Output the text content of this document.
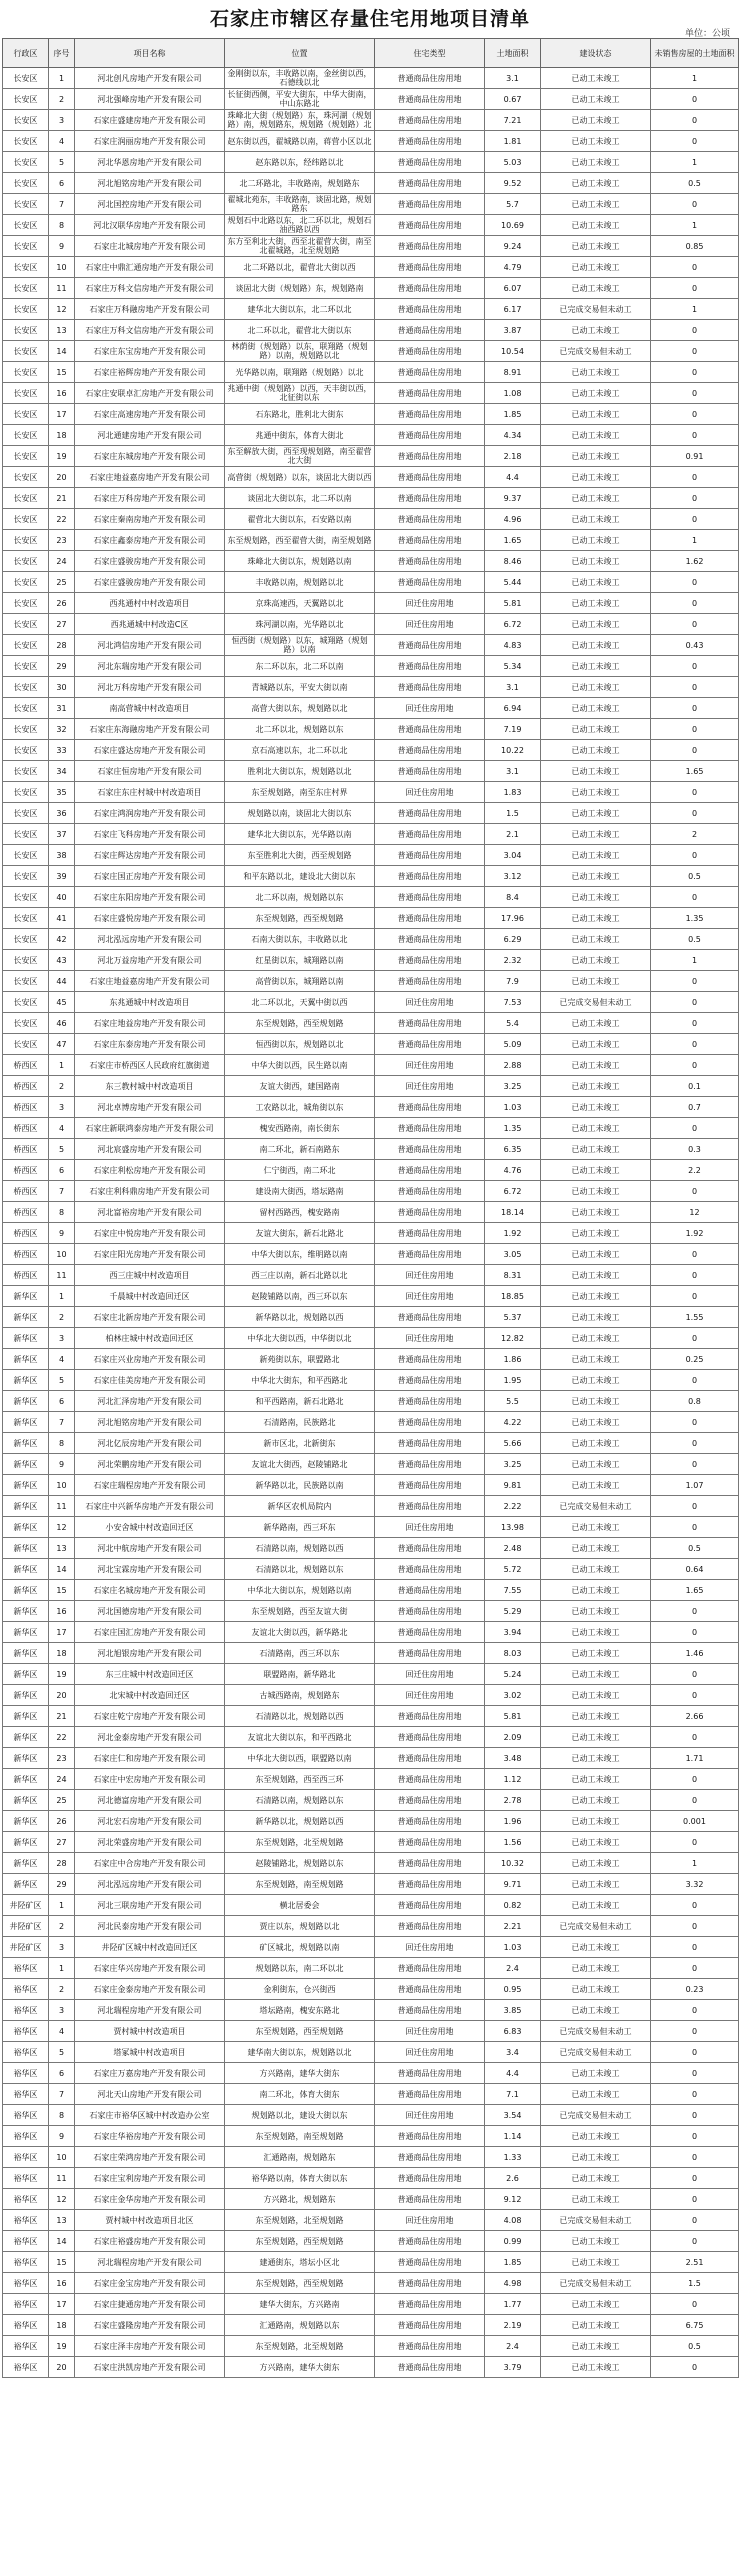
石家庄市辖区存量住宅用地项目清单
单位：公顷
行政区	序号	项目名称	位置	住宅类型	土地面积	建设状态	未销售房屋的土地面积
长安区	1	河北创凡房地产开发有限公司	金刚街以东，丰收路以南，金丝街以西，石德线以北	普通商品住房用地	3.1	已动工未竣工	1
长安区	2	河北强峰房地产开发有限公司	长征街西侧，平安大街东，中华大街南，中山东路北	普通商品住房用地	0.67	已动工未竣工	0
长安区	3	石家庄盛建房地产开发有限公司	珠峰北大街（规划路）东，珠河湖（规划路）南，规划路东，规划路（规划路）北	普通商品住房用地	7.21	已动工未竣工	0
长安区	4	石家庄润丽房地产开发有限公司	赵东街以西，翟城路以南，蒋营小区以北	普通商品住房用地	1.81	已动工未竣工	0
长安区	5	河北华恩房地产开发有限公司	赵东路以东，经纬路以北	普通商品住房用地	5.03	已动工未竣工	1
长安区	6	河北旭铭房地产开发有限公司	北二环路北，丰收路南，规划路东	普通商品住房用地	9.52	已动工未竣工	0.5
长安区	7	河北国控房地产开发有限公司	翟城北苑东，丰收路南，谈固北路，规划路东	普通商品住房用地	5.7	已动工未竣工	0
长安区	8	河北汉联华房地产开发有限公司	规划石中北路以东，北二环以北，规划石油西路以西	普通商品住房用地	10.69	已动工未竣工	1
长安区	9	石家庄北城房地产开发有限公司	东方至利北大街，西至北翟营大街，南至北翟城路，北至规划路	普通商品住房用地	9.24	已动工未竣工	0.85
长安区	10	石家庄中鼎汇通房地产开发有限公司	北二环路以北，翟营北大街以西	普通商品住房用地	4.79	已动工未竣工	0
长安区	11	石家庄万科文信房地产开发有限公司	谈固北大街（规划路）东，规划路南	普通商品住房用地	6.07	已动工未竣工	0
长安区	12	石家庄万科融房地产开发有限公司	建华北大街以东，北二环以北	普通商品住房用地	6.17	已完成交易但未动工	1
长安区	13	石家庄万科文信房地产开发有限公司	北二环以北，翟营北大街以东	普通商品住房用地	3.87	已动工未竣工	0
长安区	14	石家庄东宝房地产开发有限公司	林荫街（规划路）以东，联翔路（规划路）以南，规划路以北	普通商品住房用地	10.54	已完成交易但未动工	0
长安区	15	石家庄裕辉房地产开发有限公司	光华路以南，联翔路（规划路）以北	普通商品住房用地	8.91	已动工未竣工	0
长安区	16	石家庄安联卓汇房地产开发有限公司	兆通中街（规划路）以西，天丰街以西，北征街以东	普通商品住房用地	1.08	已动工未竣工	0
长安区	17	石家庄高速房地产开发有限公司	石东路北，胜利北大街东	普通商品住房用地	1.85	已动工未竣工	0
长安区	18	河北通建房地产开发有限公司	兆通中街东，体育大街北	普通商品住房用地	4.34	已动工未竣工	0
长安区	19	石家庄东城房地产开发有限公司	东至解放大街，西至现规划路，南至翟营北大街	普通商品住房用地	2.18	已动工未竣工	0.91
长安区	20	石家庄地益嘉房地产开发有限公司	高营街（规划路）以东，谈固北大街以西	普通商品住房用地	4.4	已动工未竣工	0
长安区	21	石家庄万科房地产开发有限公司	谈固北大街以东，北二环以南	普通商品住房用地	9.37	已动工未竣工	0
长安区	22	石家庄秦南房地产开发有限公司	翟营北大街以东，石安路以南	普通商品住房用地	4.96	已动工未竣工	0
长安区	23	石家庄鑫泰房地产开发有限公司	东至规划路，西至翟营大街，南至规划路	普通商品住房用地	1.65	已动工未竣工	1
长安区	24	石家庄盛骏房地产开发有限公司	珠峰北大街以东，规划路以南	普通商品住房用地	8.46	已动工未竣工	1.62
长安区	25	石家庄盛骏房地产开发有限公司	丰收路以南，规划路以北	普通商品住房用地	5.44	已动工未竣工	0
长安区	26	西兆通村中村改造项目	京珠高速西，天翼路以北	回迁住房用地	5.81	已动工未竣工	0
长安区	27	西兆通城中村改造C区	珠河湖以南，光华路以北	回迁住房用地	6.72	已动工未竣工	0
长安区	28	河北鸿信房地产开发有限公司	恒西街（规划路）以东，城翔路（规划路）以南	普通商品住房用地	4.83	已动工未竣工	0.43
长安区	29	河北东瑞房地产开发有限公司	东二环以东，北二环以南	普通商品住房用地	5.34	已动工未竣工	0
长安区	30	河北万科房地产开发有限公司	青城路以东，平安大街以南	普通商品住房用地	3.1	已动工未竣工	0
长安区	31	南高营城中村改造项目	高营大街以东，规划路以北	回迁住房用地	6.94	已动工未竣工	0
长安区	32	石家庄东海融房地产开发有限公司	北二环以北，规划路以东	普通商品住房用地	7.19	已动工未竣工	0
长安区	33	石家庄盛达房地产开发有限公司	京石高速以东，北二环以北	普通商品住房用地	10.22	已动工未竣工	0
长安区	34	石家庄恒房地产开发有限公司	胜利北大街以东，规划路以北	普通商品住房用地	3.1	已动工未竣工	1.65
长安区	35	石家庄东庄村城中村改造项目	东至规划路，南至东庄村界	回迁住房用地	1.83	已动工未竣工	0
长安区	36	石家庄鸿润房地产开发有限公司	规划路以南，谈固北大街以东	普通商品住房用地	1.5	已动工未竣工	0
长安区	37	石家庄飞科房地产开发有限公司	建华北大街以东，光华路以南	普通商品住房用地	2.1	已动工未竣工	2
长安区	38	石家庄辉达房地产开发有限公司	东至胜利北大街，西至规划路	普通商品住房用地	3.04	已动工未竣工	0
长安区	39	石家庄国正房地产开发有限公司	和平东路以北，建设北大街以东	普通商品住房用地	3.12	已动工未竣工	0.5
长安区	40	石家庄东阳房地产开发有限公司	北二环以南，规划路以东	普通商品住房用地	8.4	已动工未竣工	0
长安区	41	石家庄盛悦房地产开发有限公司	东至规划路，西至规划路	普通商品住房用地	17.96	已动工未竣工	1.35
长安区	42	河北泓远房地产开发有限公司	石南大街以东，丰收路以北	普通商品住房用地	6.29	已动工未竣工	0.5
长安区	43	河北万益房地产开发有限公司	红星街以东，城翔路以南	普通商品住房用地	2.32	已动工未竣工	1
长安区	44	石家庄地益嘉房地产开发有限公司	高营街以东，城翔路以南	普通商品住房用地	7.9	已动工未竣工	0
长安区	45	东兆通城中村改造项目	北二环以北，天翼中街以西	回迁住房用地	7.53	已完成交易但未动工	0
长安区	46	石家庄地益房地产开发有限公司	东至规划路，西至规划路	普通商品住房用地	5.4	已动工未竣工	0
长安区	47	石家庄东泰房地产开发有限公司	恒西街以东，规划路以北	普通商品住房用地	5.09	已动工未竣工	0
桥西区	1	石家庄市桥西区人民政府红旗街道	中华大街以西，民生路以南	回迁住房用地	2.88	已动工未竣工	0
桥西区	2	东三教村城中村改造项目	友谊大街西，建国路南	回迁住房用地	3.25	已动工未竣工	0.1
桥西区	3	河北卓博房地产开发有限公司	工农路以北，城角街以东	普通商品住房用地	1.03	已动工未竣工	0.7
桥西区	4	石家庄新联鸿泰房地产开发有限公司	槐安西路南，南长街东	普通商品住房用地	1.35	已动工未竣工	0
桥西区	5	河北宸盛房地产开发有限公司	南二环北，新石南路东	普通商品住房用地	6.35	已动工未竣工	0.3
桥西区	6	石家庄利松房地产开发有限公司	仁宁街西，南二环北	普通商品住房用地	4.76	已动工未竣工	2.2
桥西区	7	石家庄利科鼎房地产开发有限公司	建设南大街西，塔坛路南	普通商品住房用地	6.72	已动工未竣工	0
桥西区	8	河北富裕房地产开发有限公司	留村西路西，槐安路南	普通商品住房用地	18.14	已动工未竣工	12
桥西区	9	石家庄中悦房地产开发有限公司	友谊大街东，新石北路北	普通商品住房用地	1.92	已动工未竣工	1.92
桥西区	10	石家庄阳光房地产开发有限公司	中华大街以东，维明路以南	普通商品住房用地	3.05	已动工未竣工	0
桥西区	11	西三庄城中村改造项目	西三庄以南，新石北路以北	回迁住房用地	8.31	已动工未竣工	0
新华区	1	千晨城中村改造回迁区	赵陵铺路以南，西三环以东	回迁住房用地	18.85	已动工未竣工	0
新华区	2	石家庄北新房地产开发有限公司	新华路以北，规划路以西	普通商品住房用地	5.37	已动工未竣工	1.55
新华区	3	柏林庄城中村改造回迁区	中华北大街以西，中华街以北	回迁住房用地	12.82	已动工未竣工	0
新华区	4	石家庄兴业房地产开发有限公司	新苑街以东，联盟路北	普通商品住房用地	1.86	已动工未竣工	0.25
新华区	5	石家庄佳美房地产开发有限公司	中华北大街东，和平西路北	普通商品住房用地	1.95	已动工未竣工	0
新华区	6	河北汇泽房地产开发有限公司	和平西路南，新石北路北	普通商品住房用地	5.5	已动工未竣工	0.8
新华区	7	河北旭铭房地产开发有限公司	石清路南，民族路北	普通商品住房用地	4.22	已动工未竣工	0
新华区	8	河北亿辰房地产开发有限公司	新市区北，北新街东	普通商品住房用地	5.66	已动工未竣工	0
新华区	9	河北荣鹏房地产开发有限公司	友谊北大街西，赵陵铺路北	普通商品住房用地	3.25	已动工未竣工	0
新华区	10	石家庄瑞程房地产开发有限公司	新华路以北，民族路以南	普通商品住房用地	9.81	已动工未竣工	1.07
新华区	11	石家庄中兴新华房地产开发有限公司	新华区农机局院内	普通商品住房用地	2.22	已完成交易但未动工	0
新华区	12	小安舍城中村改造回迁区	新华路南，西三环东	回迁住房用地	13.98	已动工未竣工	0
新华区	13	河北中航房地产开发有限公司	石清路以南，规划路以西	普通商品住房用地	2.48	已动工未竣工	0.5
新华区	14	河北宝霖房地产开发有限公司	石清路以北，规划路以东	普通商品住房用地	5.72	已动工未竣工	0.64
新华区	15	石家庄名城房地产开发有限公司	中华北大街以东，规划路以南	普通商品住房用地	7.55	已动工未竣工	1.65
新华区	16	河北国德房地产开发有限公司	东至规划路，西至友谊大街	普通商品住房用地	5.29	已动工未竣工	0
新华区	17	石家庄国汇房地产开发有限公司	友谊北大街以西，新华路北	普通商品住房用地	3.94	已动工未竣工	0
新华区	18	河北旭银房地产开发有限公司	石清路南，西三环以东	普通商品住房用地	8.03	已动工未竣工	1.46
新华区	19	东三庄城中村改造回迁区	联盟路南，新华路北	回迁住房用地	5.24	已动工未竣工	0
新华区	20	北宋城中村改造回迁区	古城西路南，规划路东	回迁住房用地	3.02	已动工未竣工	0
新华区	21	石家庄乾宁房地产开发有限公司	石清路以北，规划路以西	普通商品住房用地	5.81	已动工未竣工	2.66
新华区	22	河北金泰房地产开发有限公司	友谊北大街以东，和平西路北	普通商品住房用地	2.09	已动工未竣工	0
新华区	23	石家庄仁和房地产开发有限公司	中华北大街以西，联盟路以南	普通商品住房用地	3.48	已动工未竣工	1.71
新华区	24	石家庄中宏房地产开发有限公司	东至规划路，西至西三环	普通商品住房用地	1.12	已动工未竣工	0
新华区	25	河北德富房地产开发有限公司	石清路以南，规划路以东	普通商品住房用地	2.78	已动工未竣工	0
新华区	26	河北宏石房地产开发有限公司	新华路以北，规划路以西	普通商品住房用地	1.96	已动工未竣工	0.001
新华区	27	河北荣盛房地产开发有限公司	东至规划路，北至规划路	普通商品住房用地	1.56	已动工未竣工	0
新华区	28	石家庄中合房地产开发有限公司	赵陵铺路北，规划路以东	普通商品住房用地	10.32	已动工未竣工	1
新华区	29	河北泓远房地产开发有限公司	东至规划路，南至规划路	普通商品住房用地	9.71	已动工未竣工	3.32
井陉矿区	1	河北三联房地产开发有限公司	横北居委会	普通商品住房用地	0.82	已动工未竣工	0
井陉矿区	2	河北民泰房地产开发有限公司	贾庄以东，规划路以北	普通商品住房用地	2.21	已完成交易但未动工	0
井陉矿区	3	井陉矿区城中村改造回迁区	矿区城北，规划路以南	回迁住房用地	1.03	已动工未竣工	0
裕华区	1	石家庄华兴房地产开发有限公司	规划路以东，南二环以北	普通商品住房用地	2.4	已动工未竣工	0
裕华区	2	石家庄金泰房地产开发有限公司	金利街东，仓兴街西	普通商品住房用地	0.95	已动工未竣工	0.23
裕华区	3	河北瑞程房地产开发有限公司	塔坛路南，槐安东路北	普通商品住房用地	3.85	已动工未竣工	0
裕华区	4	贾村城中村改造项目	东至规划路，西至规划路	回迁住房用地	6.83	已完成交易但未动工	0
裕华区	5	塔冢城中村改造项目	建华南大街以东，规划路以北	回迁住房用地	3.4	已完成交易但未动工	0
裕华区	6	石家庄万嘉房地产开发有限公司	方兴路南，建华大街东	普通商品住房用地	4.4	已动工未竣工	0
裕华区	7	河北天山房地产开发有限公司	南二环北，体育大街东	普通商品住房用地	7.1	已动工未竣工	0
裕华区	8	石家庄市裕华区城中村改造办公室	规划路以北，建设大街以东	回迁住房用地	3.54	已完成交易但未动工	0
裕华区	9	石家庄华裕房地产开发有限公司	东至规划路，南至规划路	普通商品住房用地	1.14	已动工未竣工	0
裕华区	10	石家庄荣鸿房地产开发有限公司	汇通路南，规划路东	普通商品住房用地	1.33	已动工未竣工	0
裕华区	11	石家庄宝利房地产开发有限公司	裕华路以南，体育大街以东	普通商品住房用地	2.6	已动工未竣工	0
裕华区	12	石家庄金华房地产开发有限公司	方兴路北，规划路东	普通商品住房用地	9.12	已动工未竣工	0
裕华区	13	贾村城中村改造项目北区	东至规划路，北至规划路	回迁住房用地	4.08	已完成交易但未动工	0
裕华区	14	石家庄裕盛房地产开发有限公司	东至规划路，西至规划路	普通商品住房用地	0.99	已动工未竣工	0
裕华区	15	河北瑞程房地产开发有限公司	建通街东，塔坛小区北	普通商品住房用地	1.85	已动工未竣工	2.51
裕华区	16	石家庄金宝房地产开发有限公司	东至规划路，西至规划路	普通商品住房用地	4.98	已完成交易但未动工	1.5
裕华区	17	石家庄捷通房地产开发有限公司	建华大街东，方兴路南	普通商品住房用地	1.77	已动工未竣工	0
裕华区	18	石家庄盛隆房地产开发有限公司	汇通路南，规划路以东	普通商品住房用地	2.19	已动工未竣工	6.75
裕华区	19	石家庄泽丰房地产开发有限公司	东至规划路，北至规划路	普通商品住房用地	2.4	已动工未竣工	0.5
裕华区	20	石家庄洪凯房地产开发有限公司	方兴路南，建华大街东	普通商品住房用地	3.79	已动工未竣工	0
